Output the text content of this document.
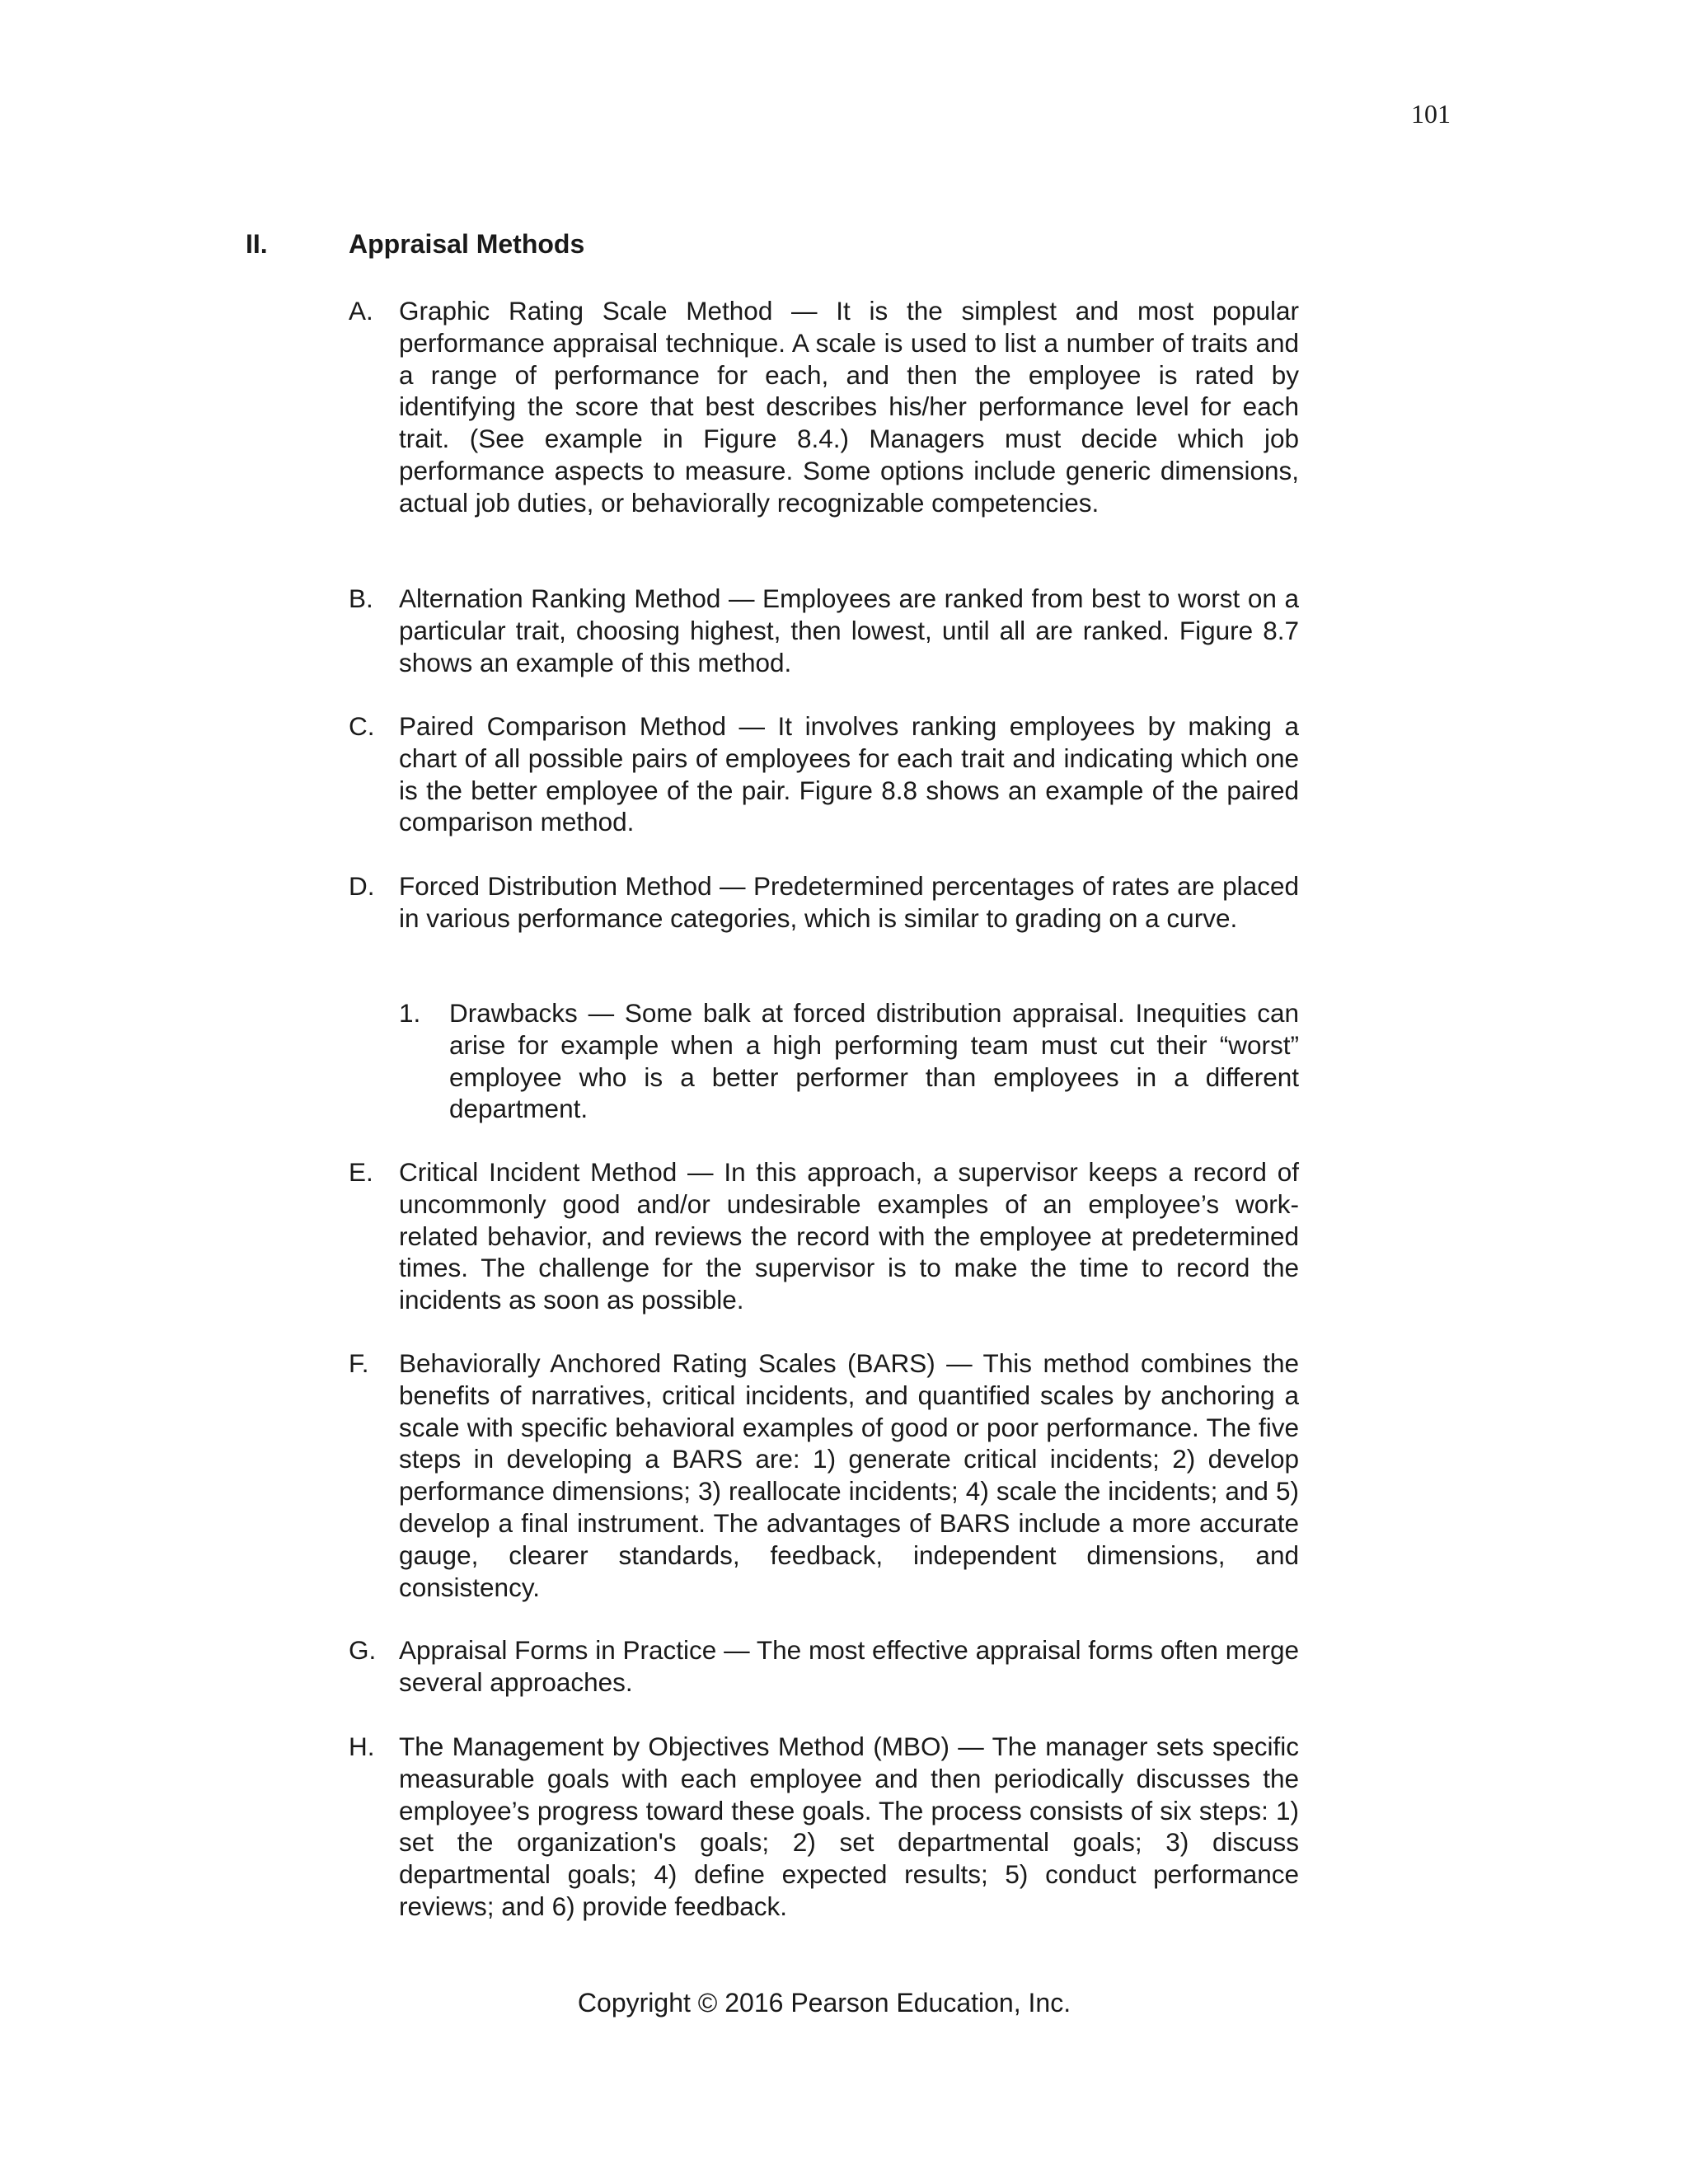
101
II.	Appraisal Methods
A. Graphic Rating Scale Method — It is the simplest and most popular performance appraisal technique. A scale is used to list a number of traits and a range of performance for each, and then the employee is rated by identifying the score that best describes his/her performance level for each trait. (See example in Figure 8.4.) Managers must decide which job performance aspects to measure. Some options include generic dimensions, actual job duties, or behaviorally recognizable competencies.

B. Alternation Ranking Method — Employees are ranked from best to worst on a particular trait, choosing highest, then lowest, until all are ranked. Figure 8.7 shows an example of this method.

C. Paired Comparison Method — It involves ranking employees by making a chart of all possible pairs of employees for each trait and indicating which one is the better employee of the pair. Figure 8.8 shows an example of the paired comparison method.

D. Forced Distribution Method — Predetermined percentages of rates are placed in various performance categories, which is similar to grading on a curve.

1. Drawbacks — Some balk at forced distribution appraisal. Inequities can arise for example when a high performing team must cut their “worst” employee who is a better performer than employees in a different department.

E. Critical Incident Method — In this approach, a supervisor keeps a record of uncommonly good and/or undesirable examples of an employee’s work-related behavior, and reviews the record with the employee at predetermined times. The challenge for the supervisor is to make the time to record the incidents as soon as possible.

F. Behaviorally Anchored Rating Scales (BARS) — This method combines the benefits of narratives, critical incidents, and quantified scales by anchoring a scale with specific behavioral examples of good or poor performance. The five steps in developing a BARS are: 1) generate critical incidents; 2) develop performance dimensions; 3) reallocate incidents; 4) scale the incidents; and 5) develop a final instrument. The advantages of BARS include a more accurate gauge, clearer standards, feedback, independent dimensions, and consistency.

G. Appraisal Forms in Practice — The most effective appraisal forms often merge several approaches.

H. The Management by Objectives Method (MBO) — The manager sets specific measurable goals with each employee and then periodically discusses the employee’s progress toward these goals. The process consists of six steps: 1) set the organization's goals; 2) set departmental goals; 3) discuss departmental goals; 4) define expected results; 5) conduct performance reviews; and 6) provide feedback.

Copyright © 2016 Pearson Education, Inc.
